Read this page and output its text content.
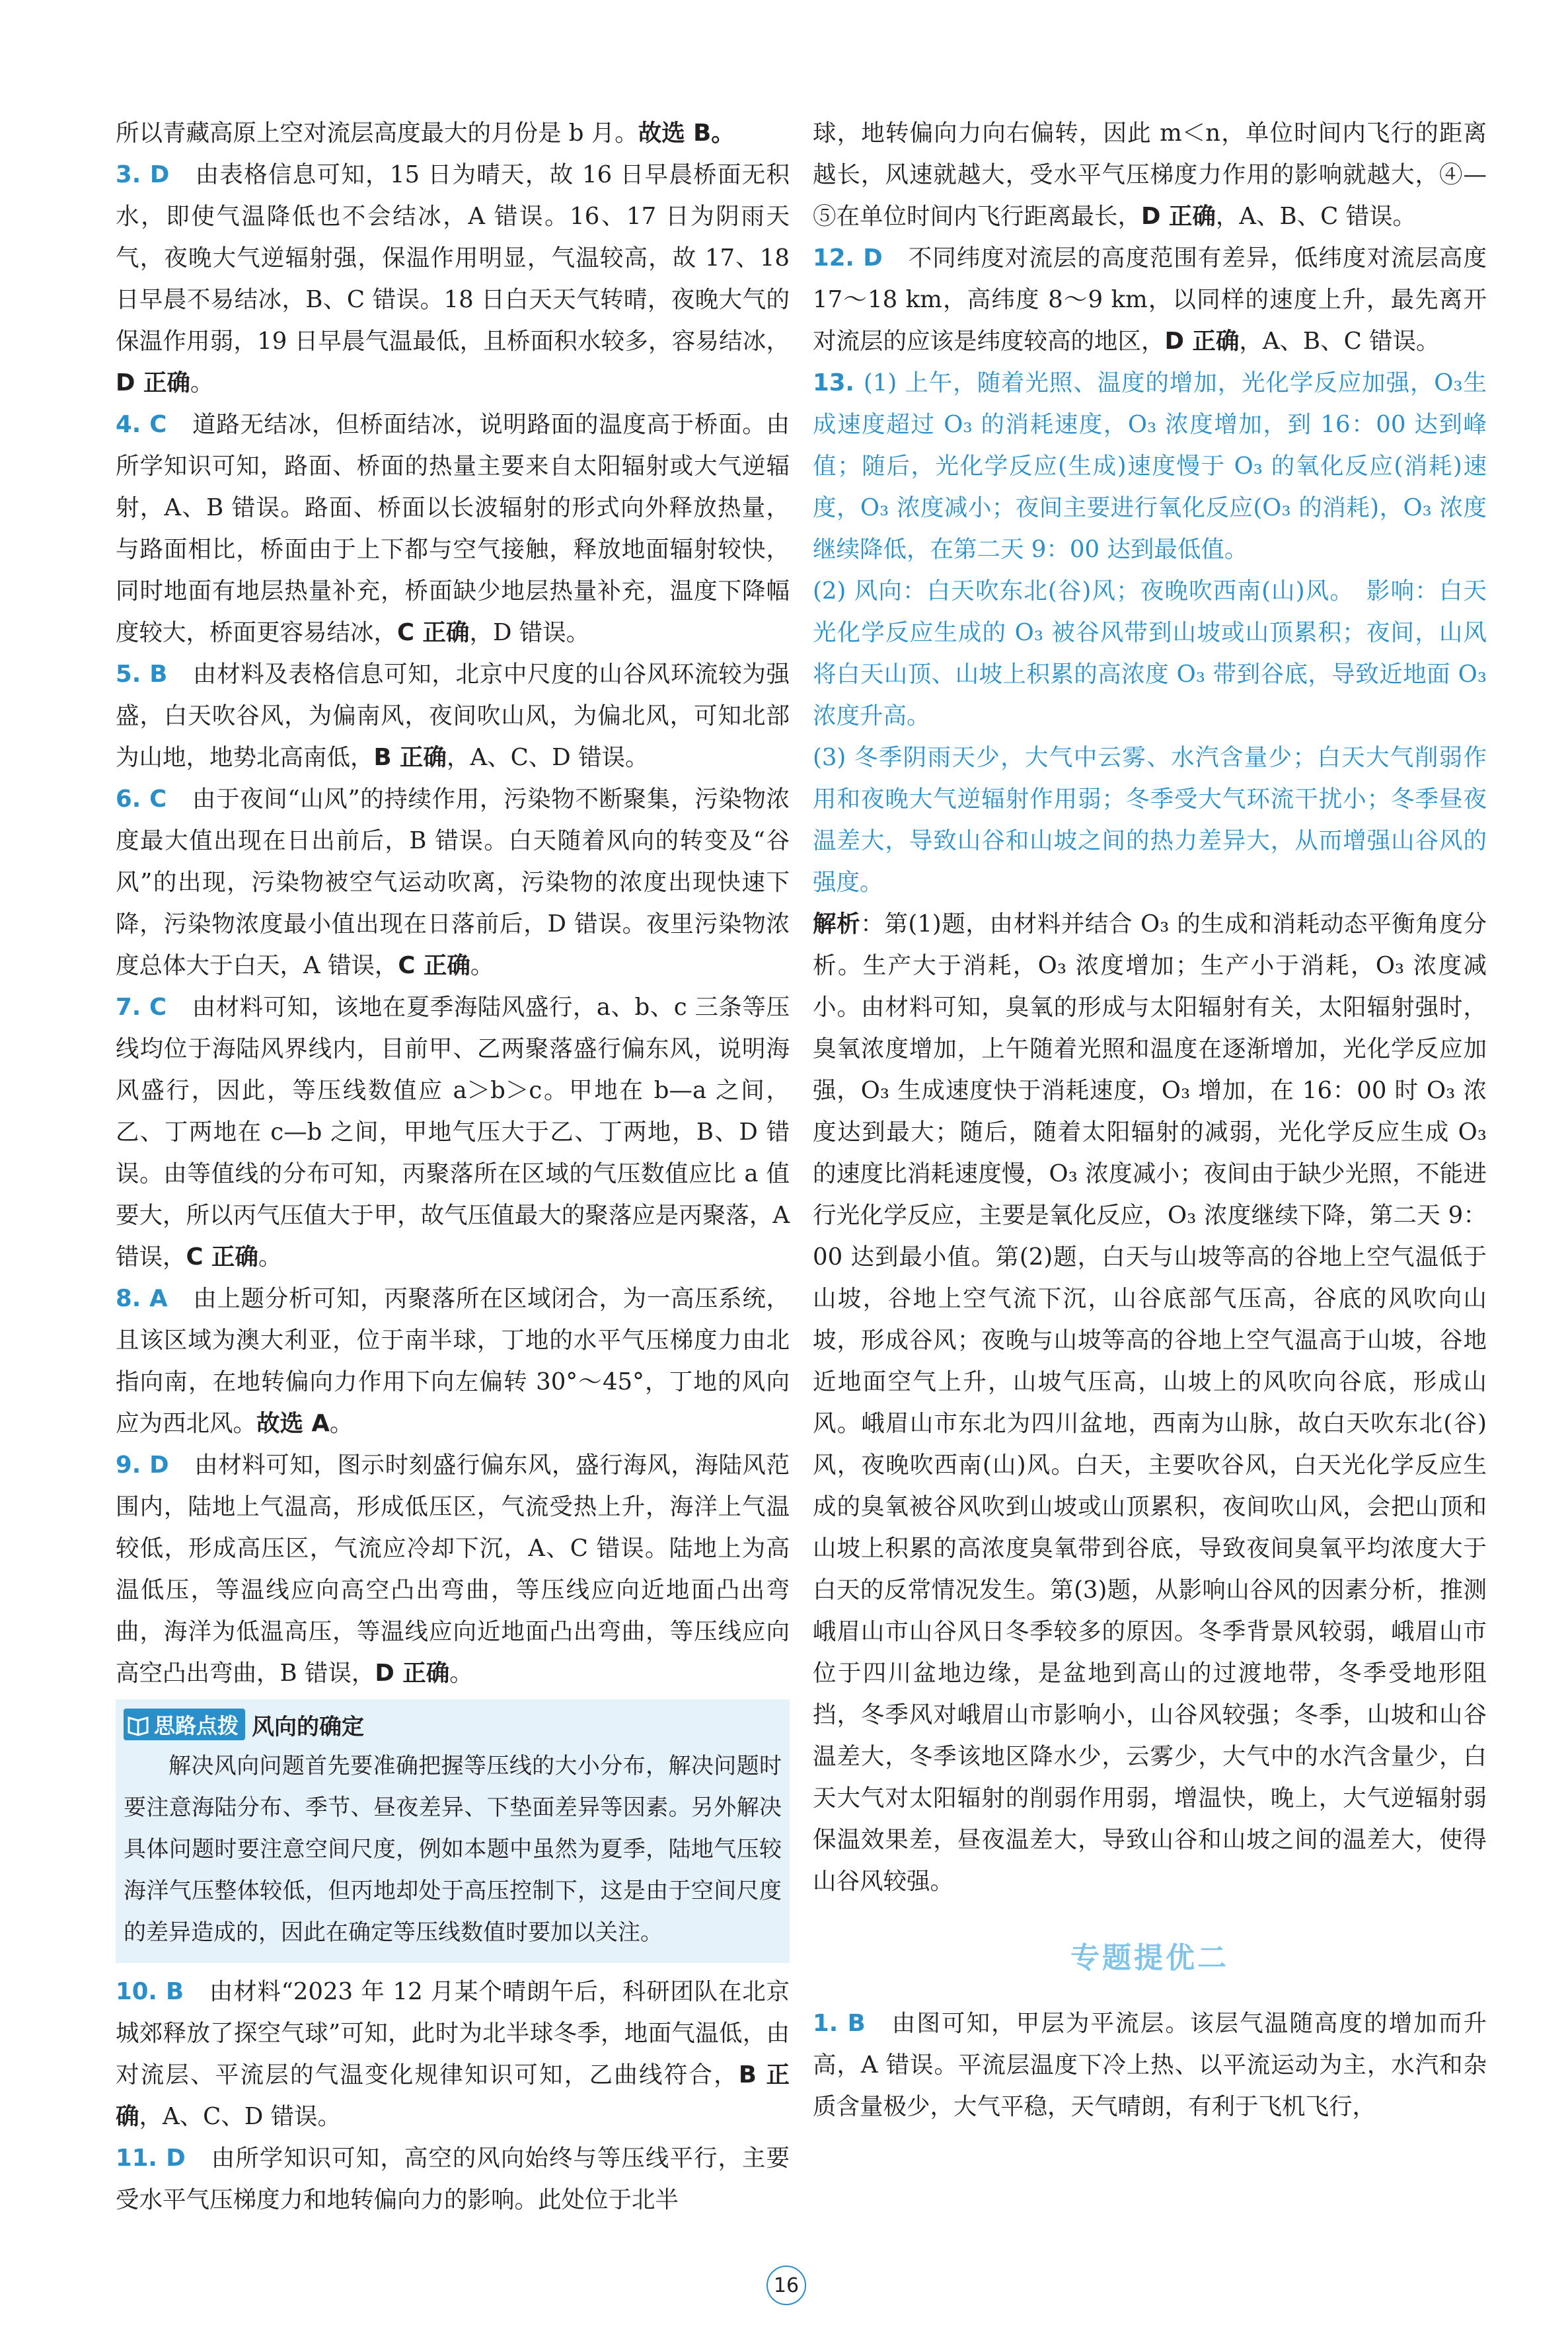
所以青藏高原上空对流层高度最大的月份是 b 月。故选 B。

3. D 由表格信息可知，15 日为晴天，故 16 日早晨桥面无积水，即使气温降低也不会结冰，A 错误。16、17 日为阴雨天气，夜晚大气逆辐射强，保温作用明显，气温较高，故 17、18 日早晨不易结冰，B、C 错误。18 日白天天气转晴，夜晚大气的保温作用弱，19 日早晨气温最低，且桥面积水较多，容易结冰，D 正确。

4. C 道路无结冰，但桥面结冰，说明路面的温度高于桥面。由所学知识可知，路面、桥面的热量主要来自太阳辐射或大气逆辐射，A、B 错误。路面、桥面以长波辐射的形式向外释放热量，与路面相比，桥面由于上下都与空气接触，释放地面辐射较快，同时地面有地层热量补充，桥面缺少地层热量补充，温度下降幅度较大，桥面更容易结冰，C 正确，D 错误。

5. B 由材料及表格信息可知，北京中尺度的山谷风环流较为强盛，白天吹谷风，为偏南风，夜间吹山风，为偏北风，可知北部为山地，地势北高南低，B 正确，A、C、D 错误。

6. C 由于夜间“山风”的持续作用，污染物不断聚集，污染物浓度最大值出现在日出前后，B 错误。白天随着风向的转变及“谷风”的出现，污染物被空气运动吹离，污染物的浓度出现快速下降，污染物浓度最小值出现在日落前后，D 错误。夜里污染物浓度总体大于白天，A 错误，C 正确。

7. C 由材料可知，该地在夏季海陆风盛行，a、b、c 三条等压线均位于海陆风界线内，目前甲、乙两聚落盛行偏东风，说明海风盛行，因此，等压线数值应 a＞b＞c。甲地在 b—a 之间，乙、丁两地在 c—b 之间，甲地气压大于乙、丁两地，B、D 错误。由等值线的分布可知，丙聚落所在区域的气压数值应比 a 值要大，所以丙气压值大于甲，故气压值最大的聚落应是丙聚落，A 错误，C 正确。

8. A 由上题分析可知，丙聚落所在区域闭合，为一高压系统，且该区域为澳大利亚，位于南半球，丁地的水平气压梯度力由北指向南，在地转偏向力作用下向左偏转 30°～45°，丁地的风向应为西北风。故选 A。

9. D 由材料可知，图示时刻盛行偏东风，盛行海风，海陆风范围内，陆地上气温高，形成低压区，气流受热上升，海洋上气温较低，形成高压区，气流应冷却下沉，A、C 错误。陆地上为高温低压，等温线应向高空凸出弯曲，等压线应向近地面凸出弯曲，海洋为低温高压，等温线应向近地面凸出弯曲，等压线应向高空凸出弯曲，B 错误，D 正确。

思路点拨 风向的确定

解决风向问题首先要准确把握等压线的大小分布，解决问题时要注意海陆分布、季节、昼夜差异、下垫面差异等因素。另外解决具体问题时要注意空间尺度，例如本题中虽然为夏季，陆地气压较海洋气压整体较低，但丙地却处于高压控制下，这是由于空间尺度的差异造成的，因此在确定等压线数值时要加以关注。

10. B 由材料“2023 年 12 月某个晴朗午后，科研团队在北京城郊释放了探空气球”可知，此时为北半球冬季，地面气温低，由对流层、平流层的气温变化规律知识可知，乙曲线符合，B 正确，A、C、D 错误。

11. D 由所学知识可知，高空的风向始终与等压线平行，主要受水平气压梯度力和地转偏向力的影响。此处位于北半

球，地转偏向力向右偏转，因此 m＜n，单位时间内飞行的距离越长，风速就越大，受水平气压梯度力作用的影响就越大，④—⑤在单位时间内飞行距离最长，D 正确，A、B、C 错误。

12. D 不同纬度对流层的高度范围有差异，低纬度对流层高度 17～18 km，高纬度 8～9 km，以同样的速度上升，最先离开对流层的应该是纬度较高的地区，D 正确，A、B、C 错误。

13. (1) 上午，随着光照、温度的增加，光化学反应加强，O₃生成速度超过 O₃ 的消耗速度，O₃ 浓度增加，到 16：00 达到峰值；随后，光化学反应(生成)速度慢于 O₃ 的氧化反应(消耗)速度，O₃ 浓度减小；夜间主要进行氧化反应(O₃ 的消耗)，O₃ 浓度继续降低，在第二天 9：00 达到最低值。

(2) 风向：白天吹东北(谷)风；夜晚吹西南(山)风。　影响：白天光化学反应生成的 O₃ 被谷风带到山坡或山顶累积；夜间，山风将白天山顶、山坡上积累的高浓度 O₃ 带到谷底，导致近地面 O₃ 浓度升高。

(3) 冬季阴雨天少，大气中云雾、水汽含量少；白天大气削弱作用和夜晚大气逆辐射作用弱；冬季受大气环流干扰小；冬季昼夜温差大，导致山谷和山坡之间的热力差异大，从而增强山谷风的强度。

解析：第(1)题，由材料并结合 O₃ 的生成和消耗动态平衡角度分析。生产大于消耗，O₃ 浓度增加；生产小于消耗，O₃ 浓度减小。由材料可知，臭氧的形成与太阳辐射有关，太阳辐射强时，臭氧浓度增加，上午随着光照和温度在逐渐增加，光化学反应加强，O₃ 生成速度快于消耗速度，O₃ 增加，在 16：00 时 O₃ 浓度达到最大；随后，随着太阳辐射的减弱，光化学反应生成 O₃ 的速度比消耗速度慢，O₃ 浓度减小；夜间由于缺少光照，不能进行光化学反应，主要是氧化反应，O₃ 浓度继续下降，第二天 9：00 达到最小值。第(2)题，白天与山坡等高的谷地上空气温低于山坡，谷地上空气流下沉，山谷底部气压高，谷底的风吹向山坡，形成谷风；夜晚与山坡等高的谷地上空气温高于山坡，谷地近地面空气上升，山坡气压高，山坡上的风吹向谷底，形成山风。峨眉山市东北为四川盆地，西南为山脉，故白天吹东北(谷)风，夜晚吹西南(山)风。白天，主要吹谷风，白天光化学反应生成的臭氧被谷风吹到山坡或山顶累积，夜间吹山风，会把山顶和山坡上积累的高浓度臭氧带到谷底，导致夜间臭氧平均浓度大于白天的反常情况发生。第(3)题，从影响山谷风的因素分析，推测峨眉山市山谷风日冬季较多的原因。冬季背景风较弱，峨眉山市位于四川盆地边缘，是盆地到高山的过渡地带，冬季受地形阻挡，冬季风对峨眉山市影响小，山谷风较强；冬季，山坡和山谷温差大，冬季该地区降水少，云雾少，大气中的水汽含量少，白天大气对太阳辐射的削弱作用弱，增温快，晚上，大气逆辐射弱保温效果差，昼夜温差大，导致山谷和山坡之间的温差大，使得山谷风较强。

专题提优二

1. B 由图可知，甲层为平流层。该层气温随高度的增加而升高，A 错误。平流层温度下冷上热、以平流运动为主，水汽和杂质含量极少，大气平稳，天气晴朗，有利于飞机飞行，

16
